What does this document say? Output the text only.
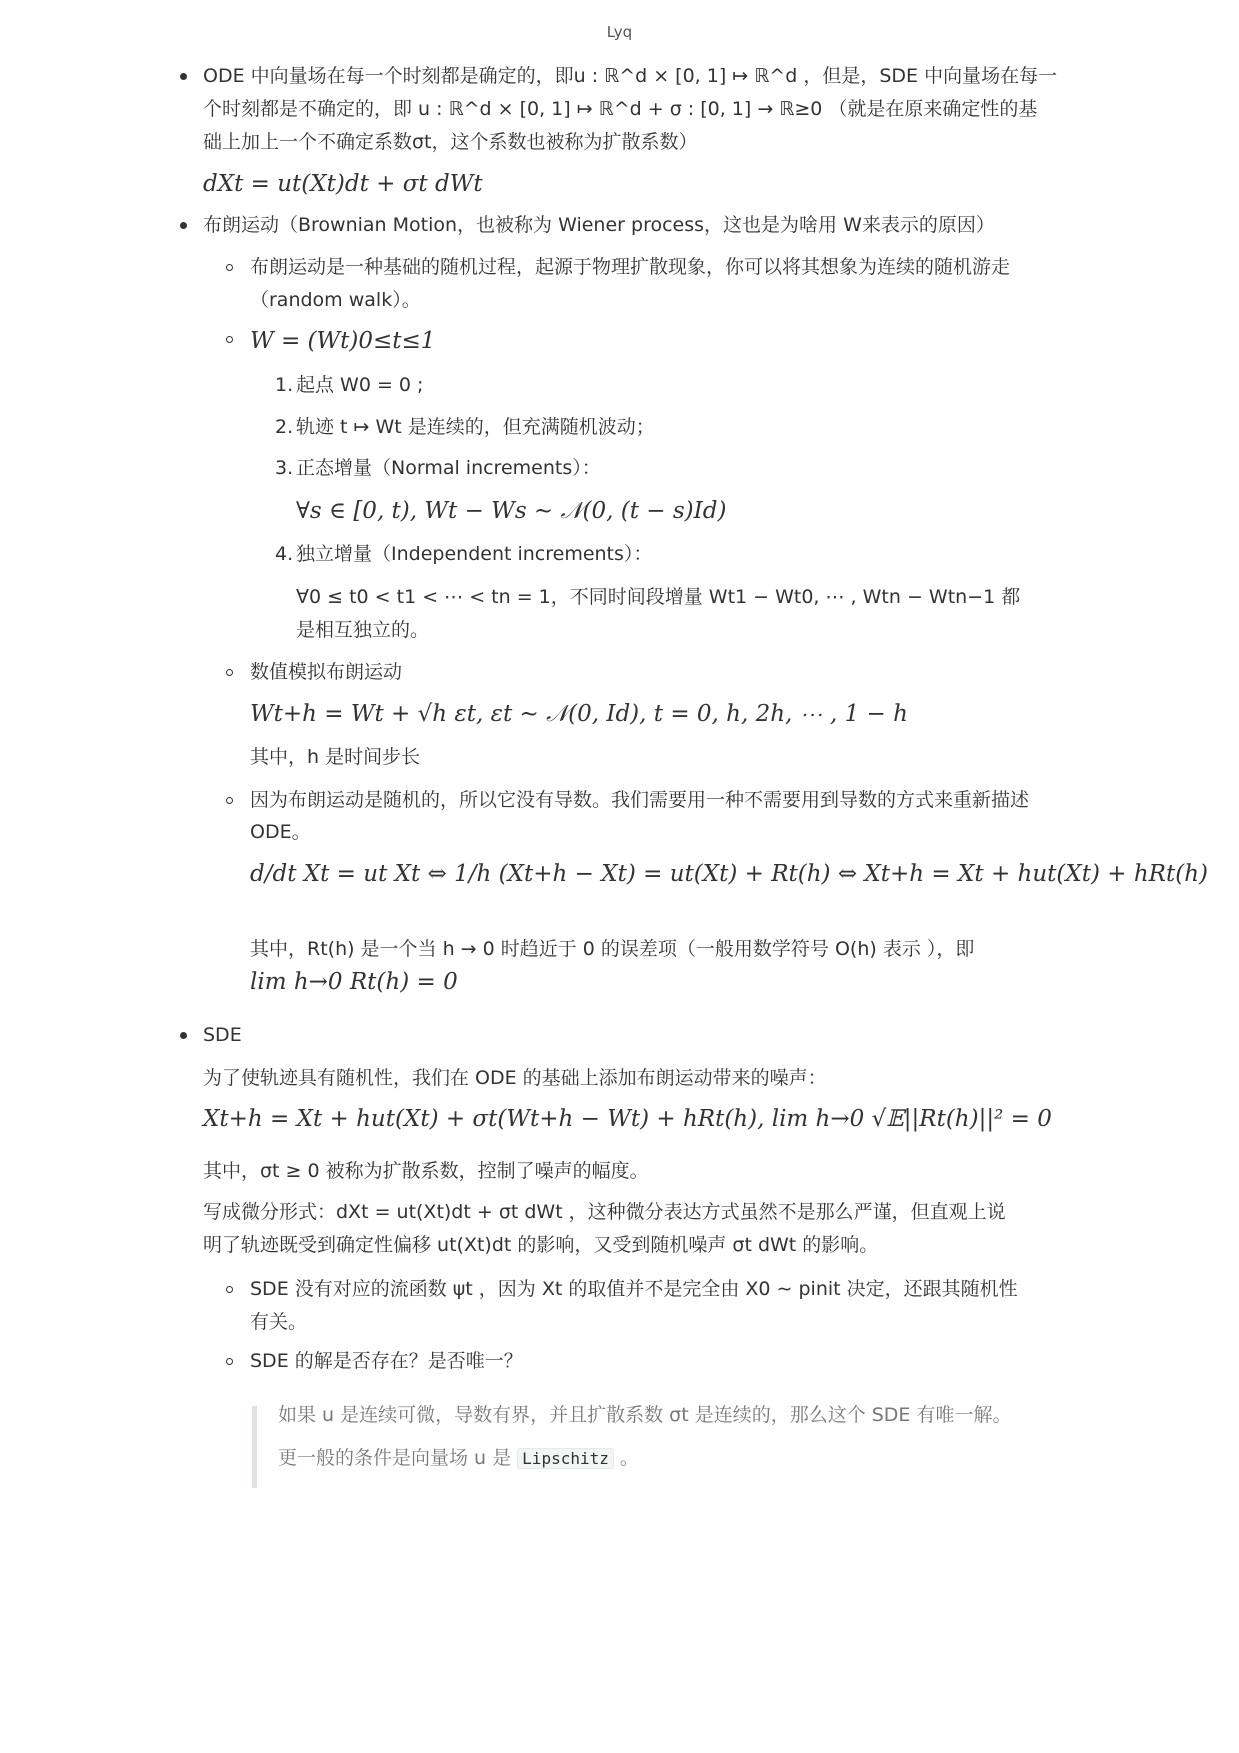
Lyq
ODE 中向量场在每一个时刻都是确定的，即u : ℝ^d × [0, 1] ↦ ℝ^d ，但是，SDE 中向量场在每一
个时刻都是不确定的，即 u : ℝ^d × [0, 1] ↦ ℝ^d + σ : [0, 1] → ℝ≥0 （就是在原来确定性的基
础上加上一个不确定系数σt，这个系数也被称为扩散系数）
dXt = ut(Xt)dt + σt dWt
布朗运动（Brownian Motion，也被称为 Wiener process，这也是为啥用 W来表示的原因）
布朗运动是一种基础的随机过程，起源于物理扩散现象，你可以将其想象为连续的随机游走
（random walk）。
W = (Wt)0≤t≤1
1. 起点 W0 = 0 ;
2. 轨迹 t ↦ Wt 是连续的，但充满随机波动；
3. 正态增量（Normal increments）：
∀s ∈ [0, t), Wt − Ws ∼ 𝒩(0, (t − s)Id)
4. 独立增量（Independent increments）：
∀0 ≤ t0 < t1 < ⋯ < tn = 1，不同时间段增量 Wt1 − Wt0, ⋯ , Wtn − Wtn−1 都
是相互独立的。
数值模拟布朗运动
Wt+h = Wt + √h εt, εt ∼ 𝒩(0, Id), t = 0, h, 2h, ⋯ , 1 − h
其中，h 是时间步长
因为布朗运动是随机的，所以它没有导数。我们需要用一种不需要用到导数的方式来重新描述
ODE。
d/dt Xt = ut Xt ⇔ 1/h (Xt+h − Xt) = ut(Xt) + Rt(h) ⇔ Xt+h = Xt + hut(Xt) + hRt(h)
其中，Rt(h) 是一个当 h → 0 时趋近于 0 的误差项（一般用数学符号 O(h) 表示 ），即
lim h→0 Rt(h) = 0
SDE
为了使轨迹具有随机性，我们在 ODE 的基础上添加布朗运动带来的噪声：
Xt+h = Xt + hut(Xt) + σt(Wt+h − Wt) + hRt(h), lim h→0 √𝔼||Rt(h)||² = 0
其中，σt ≥ 0 被称为扩散系数，控制了噪声的幅度。
写成微分形式：dXt = ut(Xt)dt + σt dWt ，这种微分表达方式虽然不是那么严谨，但直观上说
明了轨迹既受到确定性偏移 ut(Xt)dt 的影响，又受到随机噪声 σt dWt 的影响。
SDE 没有对应的流函数 ψt ，因为 Xt 的取值并不是完全由 X0 ∼ pinit 决定，还跟其随机性
有关。
SDE 的解是否存在？是否唯一？
如果 u 是连续可微，导数有界，并且扩散系数 σt 是连续的，那么这个 SDE 有唯一解。
更一般的条件是向量场 u 是 Lipschitz 。
